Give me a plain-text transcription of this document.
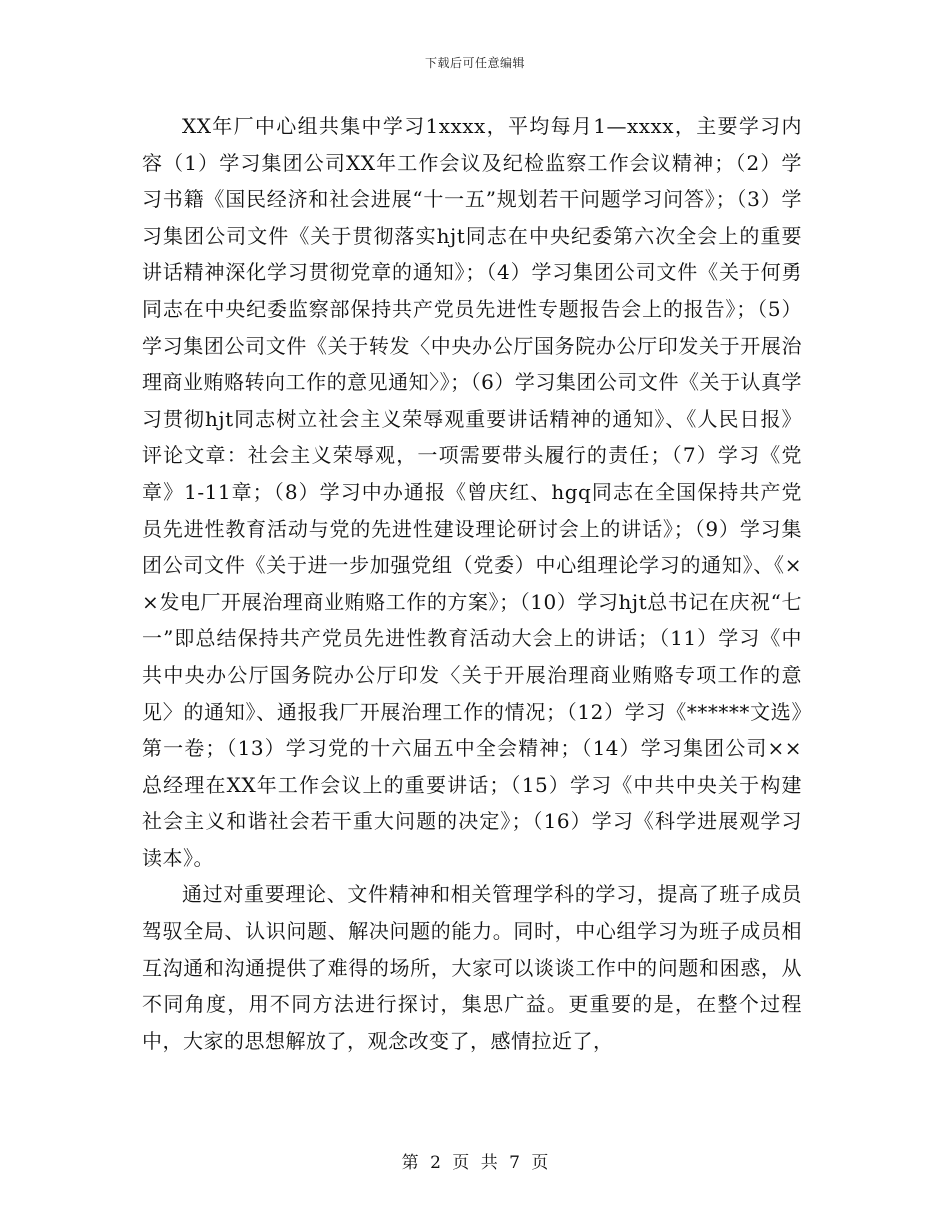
下载后可任意编辑

XX年厂中心组共集中学习1xxxx，平均每月1—xxxx，主要学习内容（1）学习集团公司XX年工作会议及纪检监察工作会议精神；（2）学习书籍《国民经济和社会进展“十一五”规划若干问题学习问答》；（3）学习集团公司文件《关于贯彻落实hjt同志在中央纪委第六次全会上的重要讲话精神深化学习贯彻党章的通知》；（4）学习集团公司文件《关于何勇同志在中央纪委监察部保持共产党员先进性专题报告会上的报告》；（5）学习集团公司文件《关于转发〈中央办公厅国务院办公厅印发关于开展治理商业贿赂转向工作的意见通知〉》；（6）学习集团公司文件《关于认真学习贯彻hjt同志树立社会主义荣辱观重要讲话精神的通知》、《人民日报》评论文章：社会主义荣辱观，一项需要带头履行的责任；（7）学习《党章》1-11章；（8）学习中办通报《曾庆红、hgq同志在全国保持共产党员先进性教育活动与党的先进性建设理论研讨会上的讲话》；（9）学习集团公司文件《关于进一步加强党组（党委）中心组理论学习的通知》、《××发电厂开展治理商业贿赂工作的方案》；（10）学习hjt总书记在庆祝“七一”即总结保持共产党员先进性教育活动大会上的讲话；（11）学习《中共中央办公厅国务院办公厅印发〈关于开展治理商业贿赂专项工作的意见〉的通知》、通报我厂开展治理工作的情况；（12）学习《******文选》第一卷；（13）学习党的十六届五中全会精神；（14）学习集团公司××总经理在XX年工作会议上的重要讲话；（15）学习《中共中央关于构建社会主义和谐社会若干重大问题的决定》；（16）学习《科学进展观学习读本》。

通过对重要理论、文件精神和相关管理学科的学习，提高了班子成员驾驭全局、认识问题、解决问题的能力。同时，中心组学习为班子成员相互沟通和沟通提供了难得的场所，大家可以谈谈工作中的问题和困惑，从不同角度，用不同方法进行探讨，集思广益。更重要的是，在整个过程中，大家的思想解放了，观念改变了，感情拉近了，

第 2 页 共 7 页
